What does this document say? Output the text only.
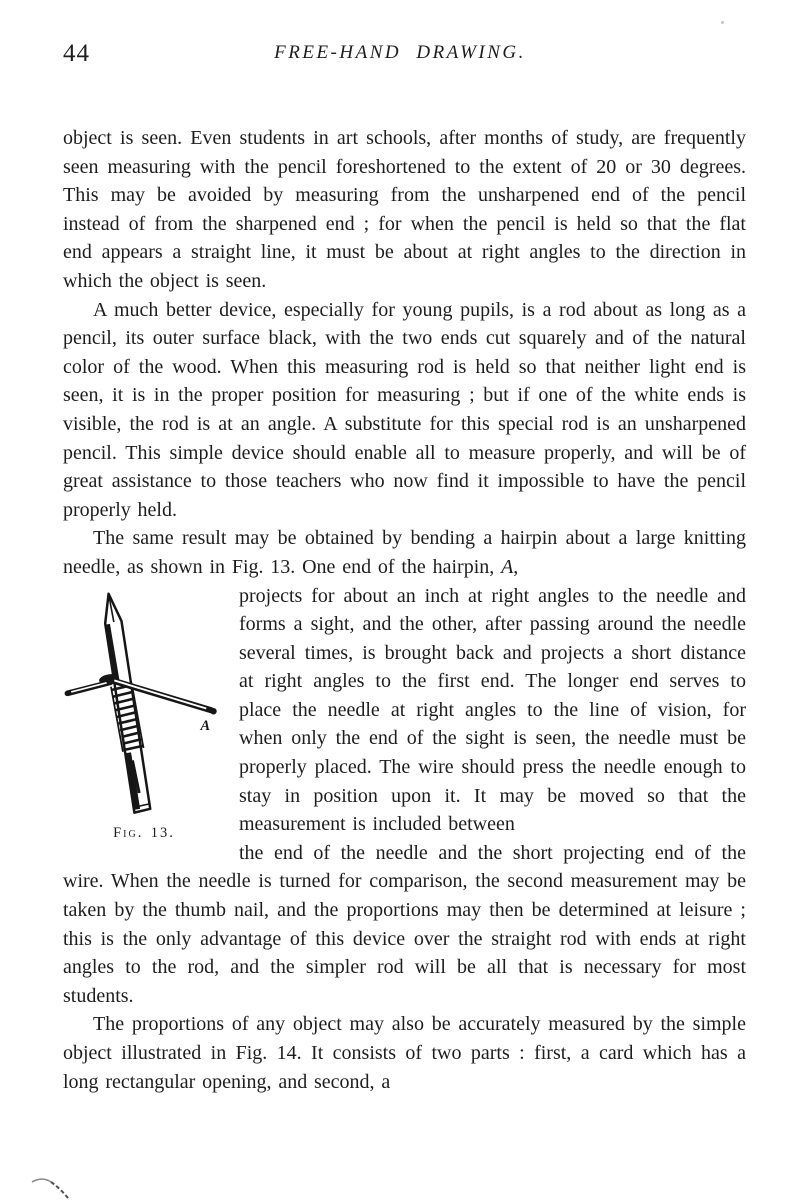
44	FREE-HAND DRAWING.

object is seen. Even students in art schools, after months of study, are frequently seen measuring with the pencil foreshortened to the extent of 20 or 30 degrees. This may be avoided by measuring from the unsharpened end of the pencil instead of from the sharpened end ; for when the pencil is held so that the flat end appears a straight line, it must be about at right angles to the direction in which the object is seen.

A much better device, especially for young pupils, is a rod about as long as a pencil, its outer surface black, with the two ends cut squarely and of the natural color of the wood. When this measuring rod is held so that neither light end is seen, it is in the proper position for measuring ; but if one of the white ends is visible, the rod is at an angle. A substitute for this special rod is an unsharpened pencil. This simple device should enable all to measure properly, and will be of great assistance to those teachers who now find it impossible to have the pencil properly held.

The same result may be obtained by bending a hairpin about a large knitting needle, as shown in Fig. 13. One end of the hairpin, A,

A
Fig. 13.

projects for about an inch at right angles to the needle and forms a sight, and the other, after passing around the needle several times, is brought back and projects a short distance at right angles to the first end. The longer end serves to place the needle at right angles to the line of vision, for when only the end of the sight is seen, the needle must be properly placed. The wire should press the needle enough to stay in position upon it. It may be moved so that the measurement is included between

the end of the needle and the short projecting end of the wire. When the needle is turned for comparison, the second measurement may be taken by the thumb nail, and the proportions may then be determined at leisure ; this is the only advantage of this device over the straight rod with ends at right angles to the rod, and the simpler rod will be all that is necessary for most students.

The proportions of any object may also be accurately measured by the simple object illustrated in Fig. 14. It consists of two parts : first, a card which has a long rectangular opening, and second, a
